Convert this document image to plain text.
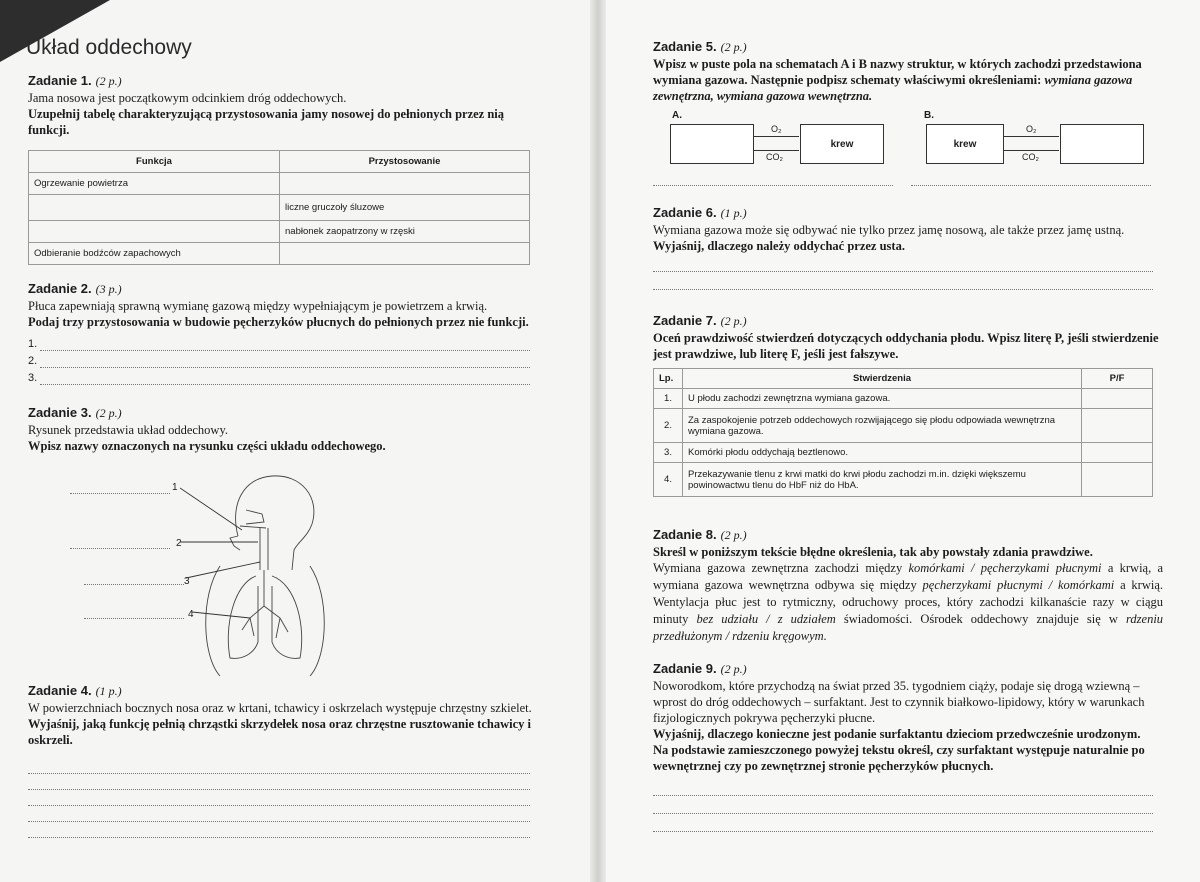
Układ oddechowy
Zadanie 1. (2 p.)
Jama nosowa jest początkowym odcinkiem dróg oddechowych.
Uzupełnij tabelę charakteryzującą przystosowania jamy nosowej do pełnionych przez nią funkcji.
Funkcja	Przystosowanie
Ogrzewanie powietrza	
	liczne gruczoły śluzowe
	nabłonek zaopatrzony w rzęski
Odbieranie bodźców zapachowych	
Zadanie 2. (3 p.)
Płuca zapewniają sprawną wymianę gazową między wypełniającym je powietrzem a krwią.
Podaj trzy przystosowania w budowie pęcherzyków płucnych do pełnionych przez nie funkcji.
1.
2.
3.
Zadanie 3. (2 p.)
Rysunek przedstawia układ oddechowy.
Wpisz nazwy oznaczonych na rysunku części układu oddechowego.
1
2
3
4
Zadanie 4. (1 p.)
W powierzchniach bocznych nosa oraz w krtani, tchawicy i oskrzelach występuje chrzęstny szkielet.
Wyjaśnij, jaką funkcję pełnią chrząstki skrzydełek nosa oraz chrzęstne rusztowanie tchawicy i oskrzeli.
Zadanie 5. (2 p.)
Wpisz w puste pola na schematach A i B nazwy struktur, w których zachodzi przedstawiona wymiana gazowa. Następnie podpisz schematy właściwymi określeniami: wymiana gazowa zewnętrzna, wymiana gazowa wewnętrzna.
A.	B.
krew
O₂
CO₂
krew
O₂
CO₂
Zadanie 6. (1 p.)
Wymiana gazowa może się odbywać nie tylko przez jamę nosową, ale także przez jamę ustną.
Wyjaśnij, dlaczego należy oddychać przez usta.
Zadanie 7. (2 p.)
Oceń prawdziwość stwierdzeń dotyczących oddychania płodu. Wpisz literę P, jeśli stwierdzenie jest prawdziwe, lub literę F, jeśli jest fałszywe.
Lp.	Stwierdzenia	P/F
1.	U płodu zachodzi zewnętrzna wymiana gazowa.	
2.	Za zaspokojenie potrzeb oddechowych rozwijającego się płodu odpowiada wewnętrzna wymiana gazowa.	
3.	Komórki płodu oddychają beztlenowo.	
4.	Przekazywanie tlenu z krwi matki do krwi płodu zachodzi m.in. dzięki większemu powinowactwu tlenu do HbF niż do HbA.	
Zadanie 8. (2 p.)
Skreśl w poniższym tekście błędne określenia, tak aby powstały zdania prawdziwe.
Wymiana gazowa zewnętrzna zachodzi między komórkami / pęcherzykami płucnymi a krwią, a wymiana gazowa wewnętrzna odbywa się między pęcherzykami płucnymi / komórkami a krwią. Wentylacja płuc jest to rytmiczny, odruchowy proces, który zachodzi kilkanaście razy w ciągu minuty bez udziału / z udziałem świadomości. Ośrodek oddechowy znajduje się w rdzeniu przedłużonym / rdzeniu kręgowym.
Zadanie 9. (2 p.)
Noworodkom, które przychodzą na świat przed 35. tygodniem ciąży, podaje się drogą wziewną – wprost do dróg oddechowych – surfaktant. Jest to czynnik białkowo-lipidowy, który w warunkach fizjologicznych pokrywa pęcherzyki płucne.
Wyjaśnij, dlaczego konieczne jest podanie surfaktantu dzieciom przedwcześnie urodzonym.
Na podstawie zamieszczonego powyżej tekstu określ, czy surfaktant występuje naturalnie po wewnętrznej czy po zewnętrznej stronie pęcherzyków płucnych.
